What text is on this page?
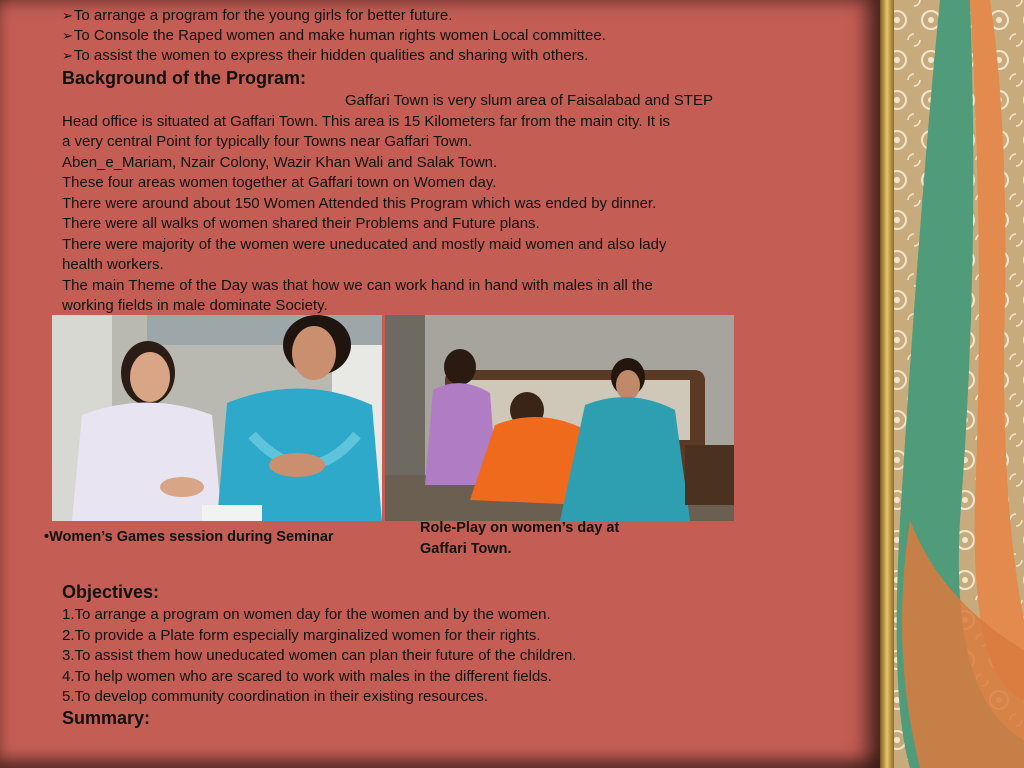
➢ To arrange a program for the young girls for better future.

➢ To Console the Raped women and make human rights women Local committee.

➢ To assist the women to express their hidden qualities and sharing with others.

Background of the Program:

Gaffari Town is very slum area of Faisalabad and STEP

Head office is situated at Gaffari Town. This area is 15 Kilometers far from the main city. It is

a very central Point for typically four Towns near Gaffari Town.

Aben_e_Mariam, Nzair Colony, Wazir Khan Wali and Salak Town.

These four areas women together at Gaffari town on Women day.

There were around about 150 Women Attended this Program which was ended by dinner.

There were all walks of women shared their Problems and Future plans.

There were majority of the women were uneducated and mostly maid women and also lady

health workers.

The main Theme of the Day was that how we can work hand in hand with males in all the

working fields in male dominate Society.

•Women’s Games session during Seminar
Role-Play on women’s day at
Gaffari Town.

Objectives:

1.To arrange a program on women day for the women and by the women.

2.To provide a Plate form especially marginalized women for their rights.

3.To assist them how uneducated women can plan their future of the children.

4.To help women who are scared to work with males in the different fields.

5.To develop community coordination in their existing resources.

Summary:
